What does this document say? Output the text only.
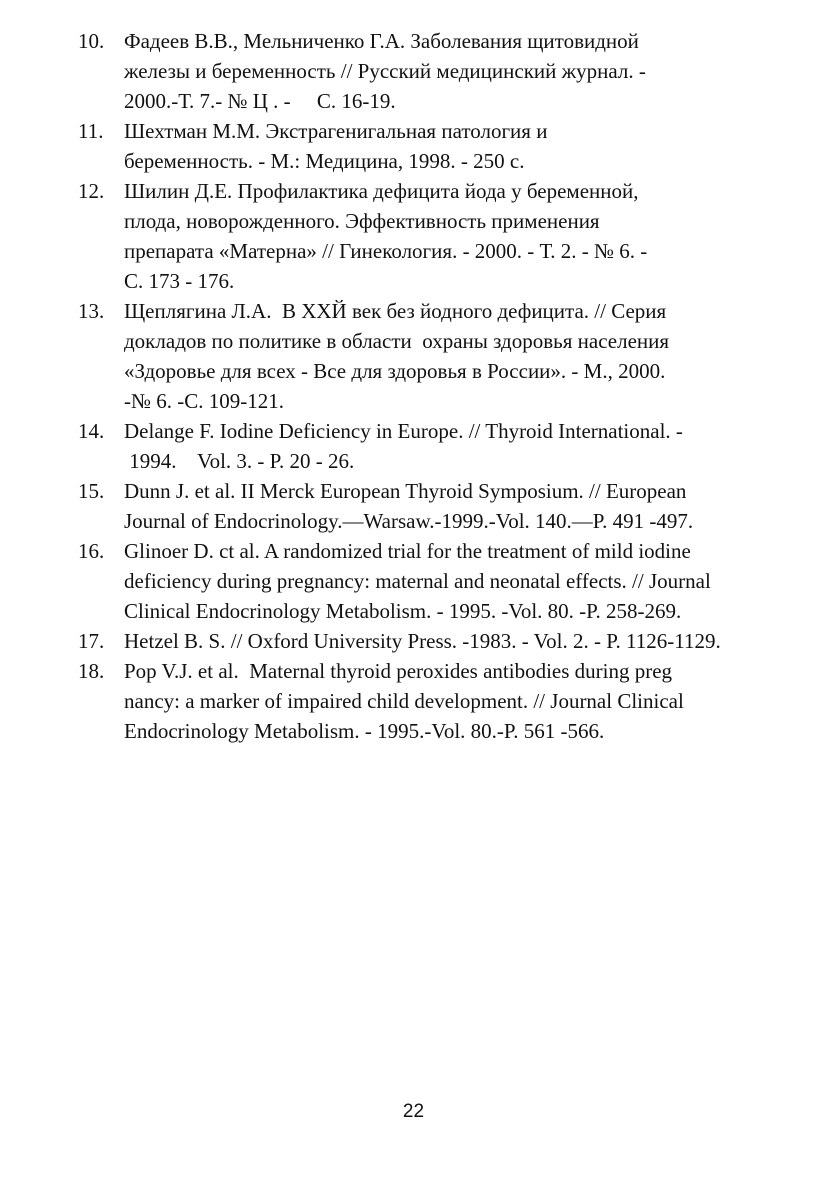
10. Фадеев В.В., Мельниченко Г.А. Заболевания щитовидной
железы и беременность // Русский медицинский журнал. -
2000.-Т. 7.- № Ц . -     С. 16-19.
11. Шехтман М.М. Экстрагенигальная патология и
беременность. - М.: Медицина, 1998. - 250 с.
12. Шилин Д.Е. Профилактика дефицита йода у беременной,
плода, новорожденного. Эффективность применения
препарата «Матерна» // Гинекология. - 2000. - Т. 2. - № 6. -
С. 173 - 176.
13. Щеплягина Л.А.  В XXЙ век без йодного дефицита. // Серия
докладов по политике в области  охраны здоровья населения
«Здоровье для всех - Все для здоровья в России». - М., 2000.
-№ 6. -С. 109-121.
14. Delange F. Iodine Deficiency in Europe. // Thyroid International. -
1994.    Vol. 3. - P. 20 - 26.
15. Dunn J. et al. II Merck European Thyroid Symposium. // European
Journal of Endocrinology.—Warsaw.-1999.-Vol. 140.—P. 491 -497.
16. Glinoer D. ct al. A randomized trial for the treatment of mild iodine
deficiency during pregnancy: maternal and neonatal effects. // Journal
Clinical Endocrinology Metabolism. - 1995. -Vol. 80. -P. 258-269.
17. Hetzel B. S. // Oxford University Press. -1983. - Vol. 2. - P. 1126-1129.
18. Pop V.J. et al.  Maternal thyroid peroxides antibodies during preg
nancy: a marker of impaired child development. // Journal Clinical
Endocrinology Metabolism. - 1995.-Vol. 80.-P. 561 -566.
22
